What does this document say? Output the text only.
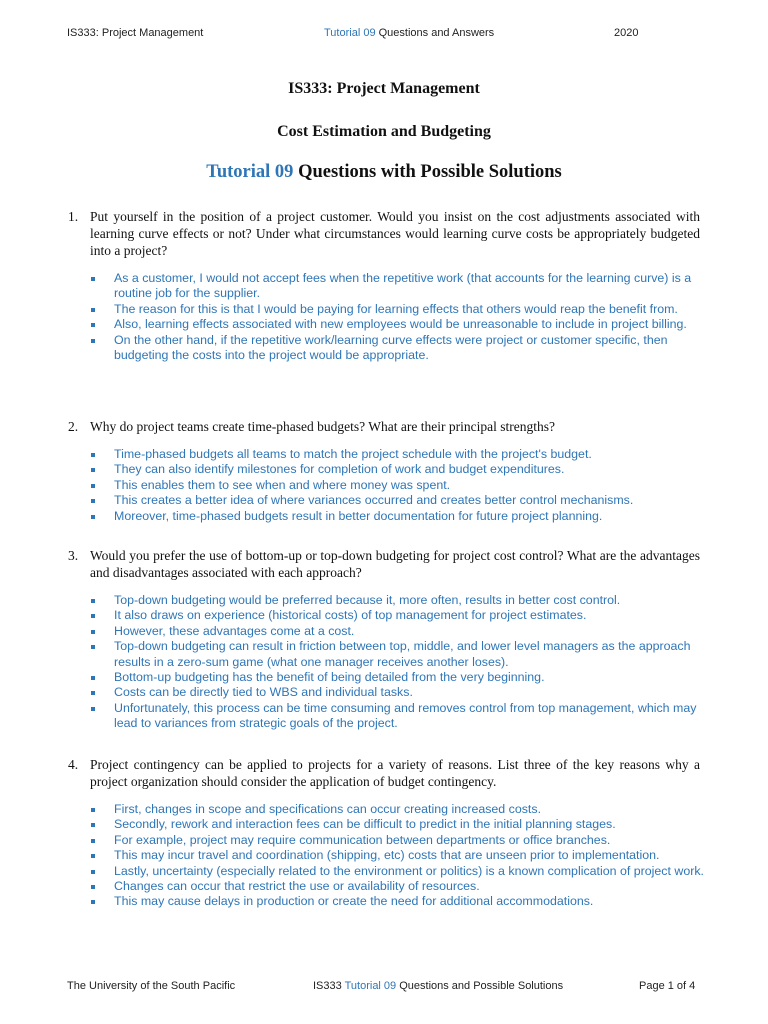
IS333: Project Management	Tutorial 09 Questions and Answers	2020
IS333: Project Management
Cost Estimation and Budgeting
Tutorial 09 Questions with Possible Solutions
1. Put yourself in the position of a project customer. Would you insist on the cost adjustments associated with learning curve effects or not? Under what circumstances would learning curve costs be appropriately budgeted into a project?
As a customer, I would not accept fees when the repetitive work (that accounts for the learning curve) is a routine job for the supplier.
The reason for this is that I would be paying for learning effects that others would reap the benefit from.
Also, learning effects associated with new employees would be unreasonable to include in project billing.
On the other hand, if the repetitive work/learning curve effects were project or customer specific, then budgeting the costs into the project would be appropriate.
2. Why do project teams create time-phased budgets? What are their principal strengths?
Time-phased budgets all teams to match the project schedule with the project's budget.
They can also identify milestones for completion of work and budget expenditures.
This enables them to see when and where money was spent.
This creates a better idea of where variances occurred and creates better control mechanisms.
Moreover, time-phased budgets result in better documentation for future project planning.
3. Would you prefer the use of bottom-up or top-down budgeting for project cost control? What are the advantages and disadvantages associated with each approach?
Top-down budgeting would be preferred because it, more often, results in better cost control.
It also draws on experience (historical costs) of top management for project estimates.
However, these advantages come at a cost.
Top-down budgeting can result in friction between top, middle, and lower level managers as the approach results in a zero-sum game (what one manager receives another loses).
Bottom-up budgeting has the benefit of being detailed from the very beginning.
Costs can be directly tied to WBS and individual tasks.
Unfortunately, this process can be time consuming and removes control from top management, which may lead to variances from strategic goals of the project.
4. Project contingency can be applied to projects for a variety of reasons. List three of the key reasons why a project organization should consider the application of budget contingency.
First, changes in scope and specifications can occur creating increased costs.
Secondly, rework and interaction fees can be difficult to predict in the initial planning stages.
For example, project may require communication between departments or office branches.
This may incur travel and coordination (shipping, etc) costs that are unseen prior to implementation.
Lastly, uncertainty (especially related to the environment or politics) is a known complication of project work.
Changes can occur that restrict the use or availability of resources.
This may cause delays in production or create the need for additional accommodations.
The University of the South Pacific	IS333 Tutorial 09 Questions and Possible Solutions	Page 1 of 4
